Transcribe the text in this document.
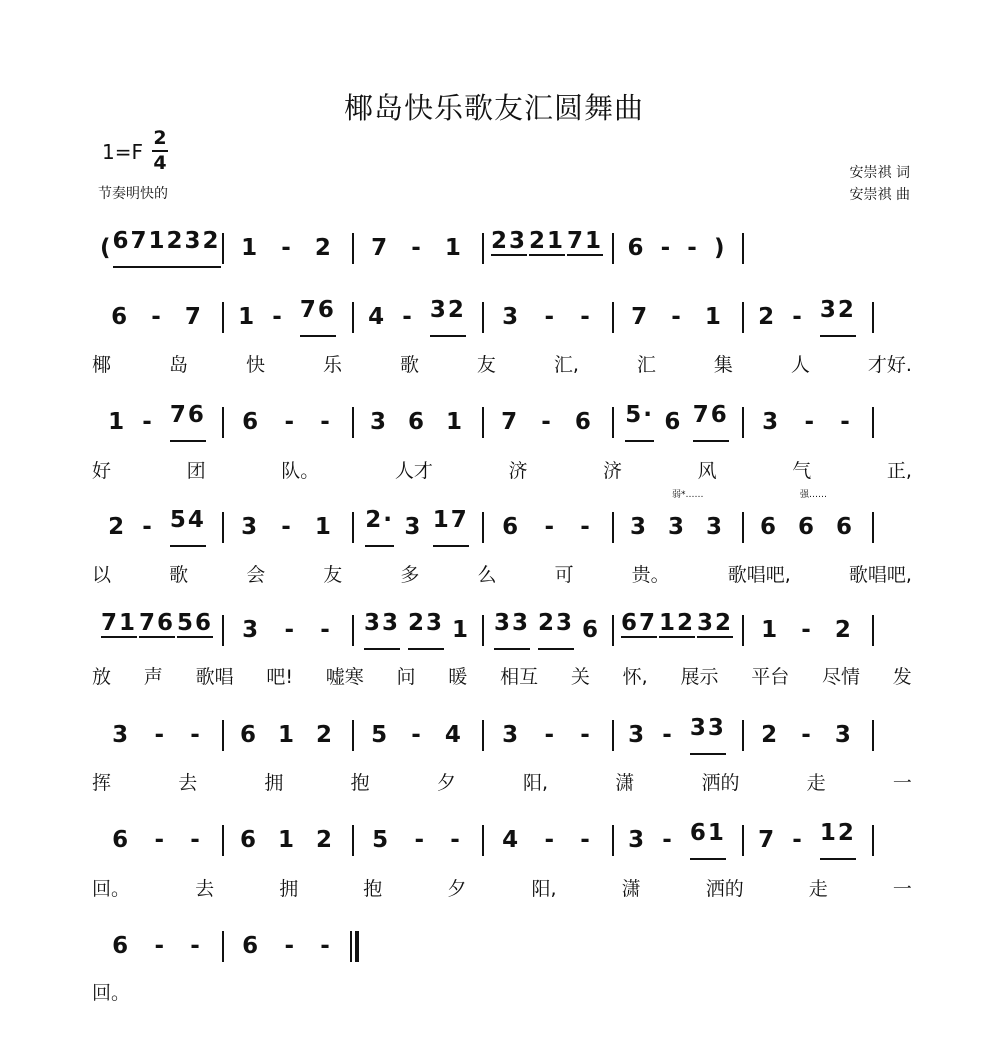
椰岛快乐歌友汇圆舞曲
1=F
2
4
节奏明快的
安崇祺 词
安崇祺 曲
( 67 12 32 1 - 2 7 - 1 23 21 71 6 - - )
6 - 7 1 - 76 4 - 32 3 - - 7 - 1 2 - 32
椰	岛	快	乐	歌	友	汇,	汇	集	人	才好.
1 - 76 6 - - 3 6 1 7 - 6 5· 6 76 3 - -
好	团	队。	人才	济	济	风	气	正,
2 - 54 3 - 1 2· 3 17 6 - - 3 3 3 6 6 6
以	歌	会	友	多	么	可	贵。	歌唱吧,	歌唱吧,
71 76 56 3 - - 33 23 1 33 23 6 67 12 32 1 - 2
放 声 歌唱 吧! 嘘寒 问 暖 相互 关 怀, 展示 平台 尽情 发
3 - - 6 1 2 5 - 4 3 - - 3 - 33 2 - 3
挥	去	拥	抱	夕	阳,	潇	洒的	走	一
6 - - 6 1 2 5 - - 4 - - 3 - 61 7 - 12
回。	去	拥	抱	夕	阳,	潇	洒的	走	一
6 - - 6 - -
回。
弱*……	强……
